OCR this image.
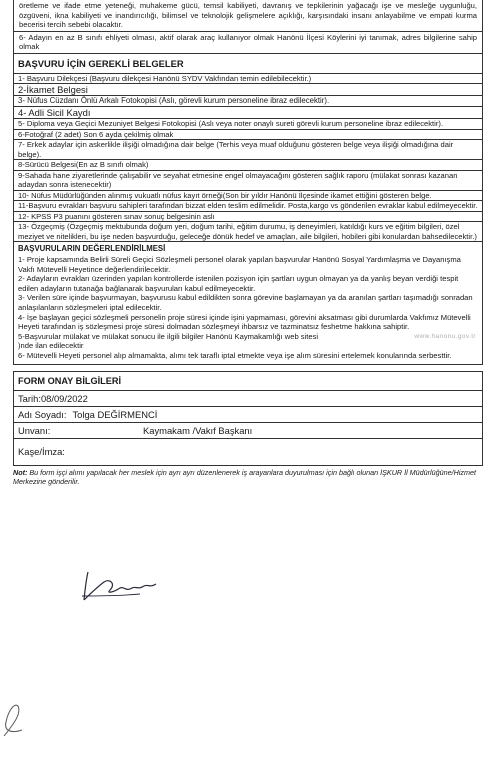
öretleme ve ifade etme yeteneği, muhakeme gücü, temsil kabiliyeti, davranış ve tepkilerinin yağacağı işe ve mesleğe uygunluğu, özgüveni, ikna kabiliyeti ve inandırıcılığı, bilimsel ve teknolojik gelişmelere açıklığı, karşısındaki insanı anlayabilme ve empati kurma becerisi tercih sebebi olacaktır.
6- Adayın en az B sınıfı ehliyeti olması, aktif olarak araç kullanıyor olmak Hanönü İlçesi Köylerini iyi tanımak, adres bilgilerine sahip olmak
BAŞVURU İÇİN GEREKLİ BELGELER
1- Başvuru Dilekçesi (Başvuru dilekçesi Hanönü SYDV Vakfından temin edilebilecektir.)
2-İkamet Belgesi
3- Nüfus Cüzdanı Önlü Arkalı Fotokopisi (Aslı, görevli kurum personeline ibraz edilecektir).
4- Adli Sicil Kaydı
5- Diploma veya Geçici Mezuniyet Belgesi Fotokopisi (Aslı veya noter onaylı sureti görevli kurum personeline ibraz edilecektir).
6-Fotoğraf (2 adet) Son 6 ayda çekilmiş olmak
7- Erkek adaylar için askerlikle ilişiği olmadığına dair belge (Terhis veya muaf olduğunu gösteren belge veya ilişiği olmadığına dair belge).
8-Sürücü Belgesi(En az B sınıfı olmak)
9-Sahada hane ziyaretlerinde çalışabilir ve seyahat etmesine engel olmayacağını gösteren sağlık raporu (mülakat sonrası kazanan adaydan sonra istenecektir)
10- Nüfus Müdürlüğünden alınmış vukuatlı nüfus kayıt örneği(Son bir yıldır Hanönü İlçesinde ikamet ettiğini gösteren belge.
11-Başvuru evrakları başvuru sahipleri tarafından bizzat elden teslim edilmelidir. Posta,kargo vs gönderilen evraklar kabul edilmeyecektir.
12- KPSS P3 puanını gösteren sınav sonuç belgesinin aslı
13- Özgeçmiş (Özgeçmiş mektubunda doğum yeri, doğum tarihi, eğitim durumu, iş deneyimleri, katıldığı kurs ve eğitim bilgileri, özel meziyet ve nitelikleri, bu işe neden başvurduğu, geleceğe dönük hedef ve amaçları, aile bilgileri, hobileri gibi konulardan bahsedilecektir.)
BAŞVURULARIN DEĞERLENDİRİLMESİ

1- Proje kapsamında Belirli Süreli Geçici Sözleşmeli personel olarak yapılan başvurular Hanönü Sosyal Yardımlaşma ve Dayanışma Vakfı Mütevelli Heyetince değerlendirilecektir.

2- Adayların evrakları üzerinden yapılan kontrollerde istenilen pozisyon için şartları uygun olmayan ya da yanlış beyan verdiği tespit edilen adayların tutanağa bağlanarak başvuruları kabul edilmeyecektir.

3- Verilen süre içinde başvurmayan, başvurusu kabul edildikten sonra görevine başlamayan ya da aranılan şartları taşımadığı sonradan anlaşılanların sözleşmeleri iptal edilecektir.

4- İşe başlayan geçici sözleşmeli personelin proje süresi içinde işini yapmaması, görevini aksatması gibi durumlarda Vakfımız Mütevelli Heyeti tarafından iş sözleşmesi proje süresi dolmadan sözleşmeyi ihbarsız ve tazminatsız feshetme hakkına sahiptir.

5-Başvurular mülakat ve mülakat sonucu ile ilgili bilgiler Hanönü Kaymakamlığı web sitesi	www.hanonu.gov.tr

)nde ilan edilecektir

6- Mütevelli Heyeti personel alıp almamakta, alımı tek taraflı iptal etmekte veya işe alım süresini ertelemek konularında serbesttir.

FORM ONAY BİLGİLERİ
Tarih: 08/09/2022
Adı Soyadı: Tolga DEĞİRMENCİ
Unvanı:	Kaymakam /Vakıf Başkanı
Kaşe/İmza:
Not: Bu form işçi alımı yapılacak her meslek için ayrı ayrı düzenlenerek iş arayanlara duyurulması için bağlı olunan İŞKUR İl Müdürlüğüne/Hizmet Merkezine gönderilir.
